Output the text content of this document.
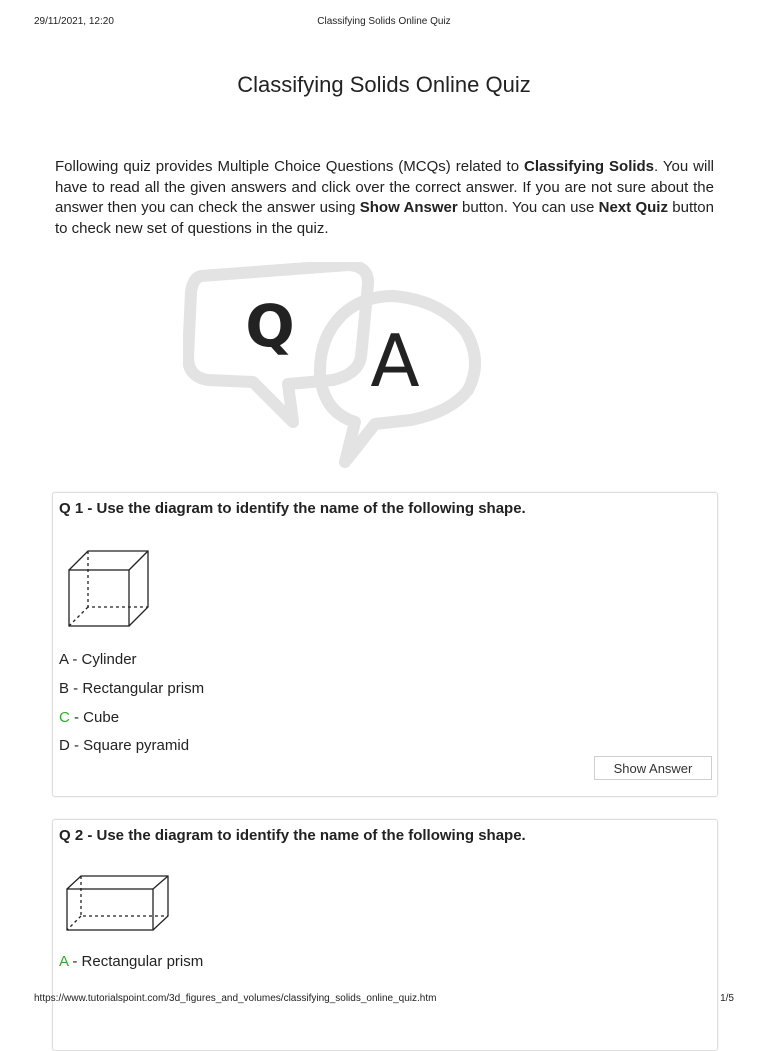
29/11/2021, 12:20	Classifying Solids Online Quiz
Classifying Solids Online Quiz

Following quiz provides Multiple Choice Questions (MCQs) related to Classifying Solids. You will have to read all the given answers and click over the correct answer. If you are not sure about the answer then you can check the answer using Show Answer button. You can use Next Quiz button to check new set of questions in the quiz.

Q A

Q 1 - Use the diagram to identify the name of the following shape.

A - Cylinder

B - Rectangular prism

C - Cube

D - Square pyramid

Show Answer

Q 2 - Use the diagram to identify the name of the following shape.

A - Rectangular prism

https://www.tutorialspoint.com/3d_figures_and_volumes/classifying_solids_online_quiz.htm	1/5
